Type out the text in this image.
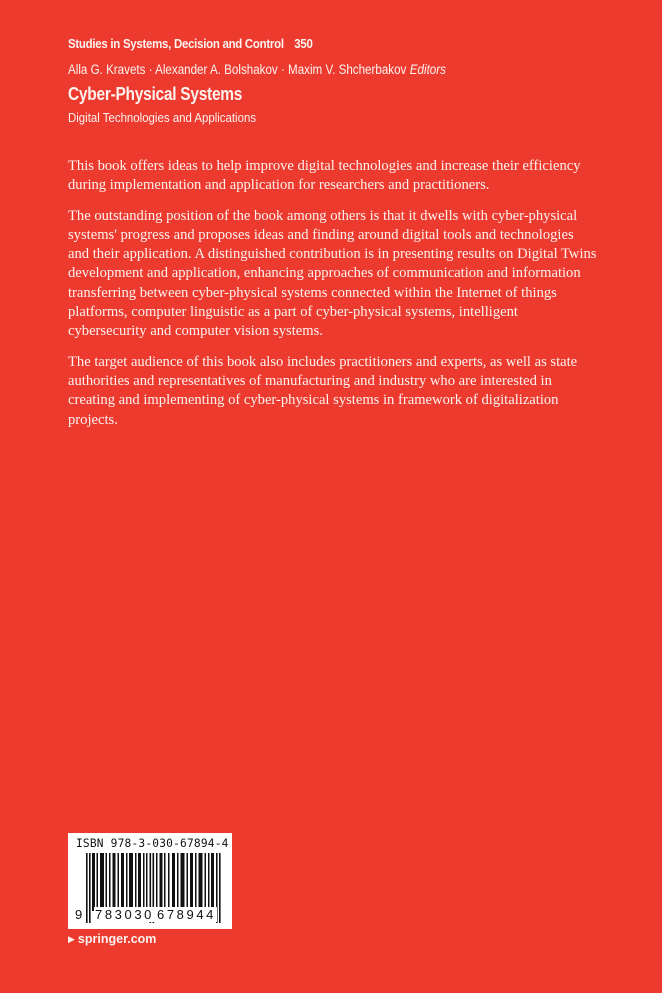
Studies in Systems, Decision and Control 350
Alla G. Kravets · Alexander A. Bolshakov · Maxim V. Shcherbakov Editors
Cyber-Physical Systems
Digital Technologies and Applications

This book offers ideas to help improve digital technologies and increase their efficiency during implementation and application for researchers and practitioners.

The outstanding position of the book among others is that it dwells with cyber-physical systems' progress and proposes ideas and finding around digital tools and technologies and their application. A distinguished contribution is in presenting results on Digital Twins development and application, enhancing approaches of communication and information transferring between cyber-physical systems connected within the Internet of things platforms, computer linguistic as a part of cyber-physical systems, intelligent cybersecurity and computer vision systems.

The target audience of this book also includes practitioners and experts, as well as state authorities and representatives of manufacturing and industry who are interested in creating and implementing of cyber-physical systems in framework of digitalization projects.

ISBN 978-3-030-67894-4
9 783030 678944
▶ springer.com
